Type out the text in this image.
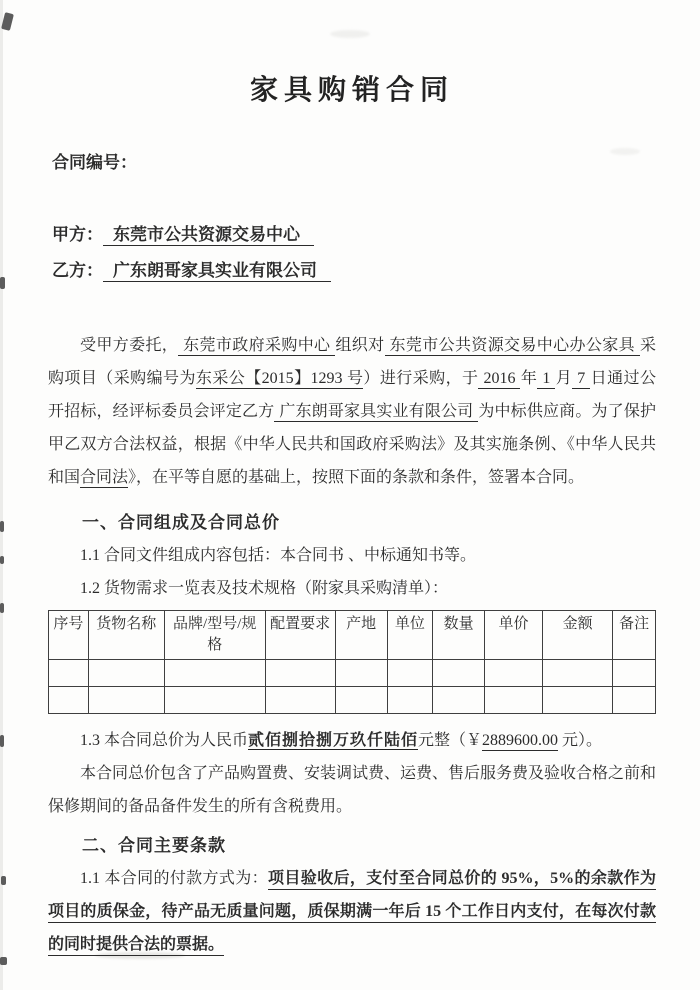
家具购销合同

合同编号：

甲方： 东莞市公共资源交易中心

乙方： 广东朗哥家具实业有限公司

受甲方委托， 东莞市政府采购中心 组织对 东莞市公共资源交易中心办公家具 采购项目（采购编号为东采公【2015】1293 号）进行采购，于 2016 年 1 月 7 日通过公开招标，经评标委员会评定乙方 广东朗哥家具实业有限公司 为中标供应商。为了保护甲乙双方合法权益，根据《中华人民共和国政府采购法》及其实施条例、《中华人民共和国合同法》，在平等自愿的基础上，按照下面的条款和条件，签署本合同。

一、合同组成及合同总价

1.1 合同文件组成内容包括：本合同书 、中标通知书等。

1.2 货物需求一览表及技术规格（附家具采购清单）：

序号	货物名称	品牌/型号/规格	配置要求	产地	单位	数量	单价	金额	备注

1.3 本合同总价为人民币贰佰捌拾捌万玖仟陆佰元整（￥2889600.00 元）。

本合同总价包含了产品购置费、安装调试费、运费、售后服务费及验收合格之前和保修期间的备品备件发生的所有含税费用。

二、合同主要条款

1.1 本合同的付款方式为：项目验收后，支付至合同总价的 95%，5%的余款作为项目的质保金，待产品无质量问题，质保期满一年后 15 个工作日内支付，在每次付款的同时提供合法的票据。
